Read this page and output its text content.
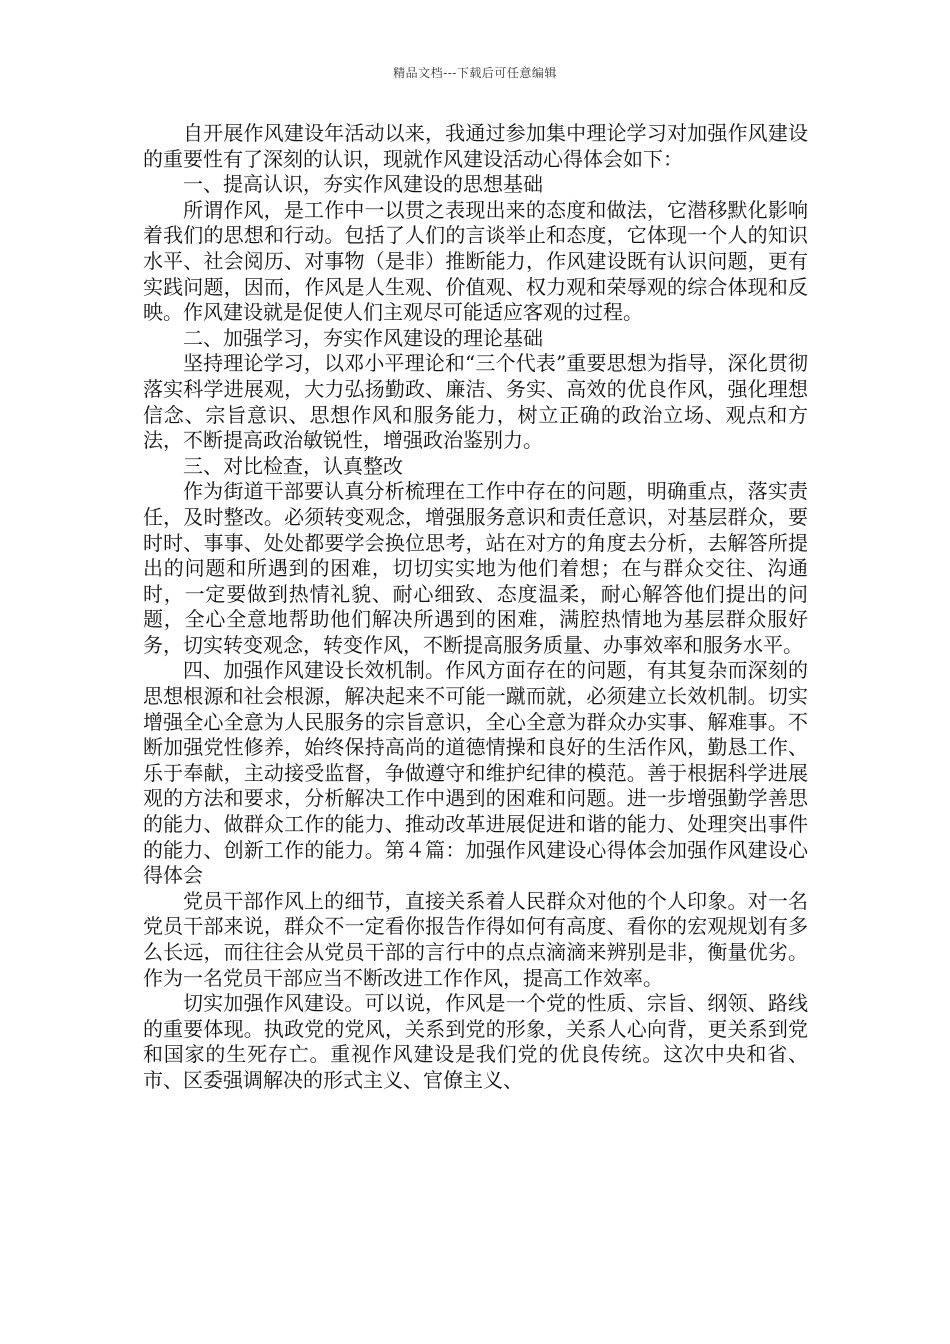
精品文档---下载后可任意编辑

自开展作风建设年活动以来，我通过参加集中理论学习对加强作风建设的重要性有了深刻的认识，现就作风建设活动心得体会如下：

一、提高认识，夯实作风建设的思想基础

所谓作风，是工作中一以贯之表现出来的态度和做法，它潜移默化影响着我们的思想和行动。包括了人们的言谈举止和态度，它体现一个人的知识水平、社会阅历、对事物（是非）推断能力，作风建设既有认识问题，更有实践问题，因而，作风是人生观、价值观、权力观和荣辱观的综合体现和反映。作风建设就是促使人们主观尽可能适应客观的过程。

二、加强学习，夯实作风建设的理论基础

坚持理论学习，以邓小平理论和“三个代表”重要思想为指导，深化贯彻落实科学进展观，大力弘扬勤政、廉洁、务实、高效的优良作风，强化理想信念、宗旨意识、思想作风和服务能力，树立正确的政治立场、观点和方法，不断提高政治敏锐性，增强政治鉴别力。

三、对比检查，认真整改

作为街道干部要认真分析梳理在工作中存在的问题，明确重点，落实责任，及时整改。必须转变观念，增强服务意识和责任意识，对基层群众，要时时、事事、处处都要学会换位思考，站在对方的角度去分析，去解答所提出的问题和所遇到的困难，切切实实地为他们着想；在与群众交往、沟通时，一定要做到热情礼貌、耐心细致、态度温柔，耐心解答他们提出的问题，全心全意地帮助他们解决所遇到的困难，满腔热情地为基层群众服好务，切实转变观念，转变作风，不断提高服务质量、办事效率和服务水平。

四、加强作风建设长效机制。作风方面存在的问题，有其复杂而深刻的思想根源和社会根源，解决起来不可能一蹴而就，必须建立长效机制。切实增强全心全意为人民服务的宗旨意识，全心全意为群众办实事、解难事。不断加强党性修养，始终保持高尚的道德情操和良好的生活作风，勤恳工作、乐于奉献，主动接受监督，争做遵守和维护纪律的模范。善于根据科学进展观的方法和要求，分析解决工作中遇到的困难和问题。进一步增强勤学善思的能力、做群众工作的能力、推动改革进展促进和谐的能力、处理突出事件的能力、创新工作的能力。第４篇：加强作风建设心得体会加强作风建设心得体会

党员干部作风上的细节，直接关系着人民群众对他的个人印象。对一名党员干部来说，群众不一定看你报告作得如何有高度、看你的宏观规划有多么长远，而往往会从党员干部的言行中的点点滴滴来辨别是非，衡量优劣。作为一名党员干部应当不断改进工作作风，提高工作效率。

切实加强作风建设。可以说，作风是一个党的性质、宗旨、纲领、路线的重要体现。执政党的党风，关系到党的形象，关系人心向背，更关系到党和国家的生死存亡。重视作风建设是我们党的优良传统。这次中央和省、市、区委强调解决的形式主义、官僚主义、
